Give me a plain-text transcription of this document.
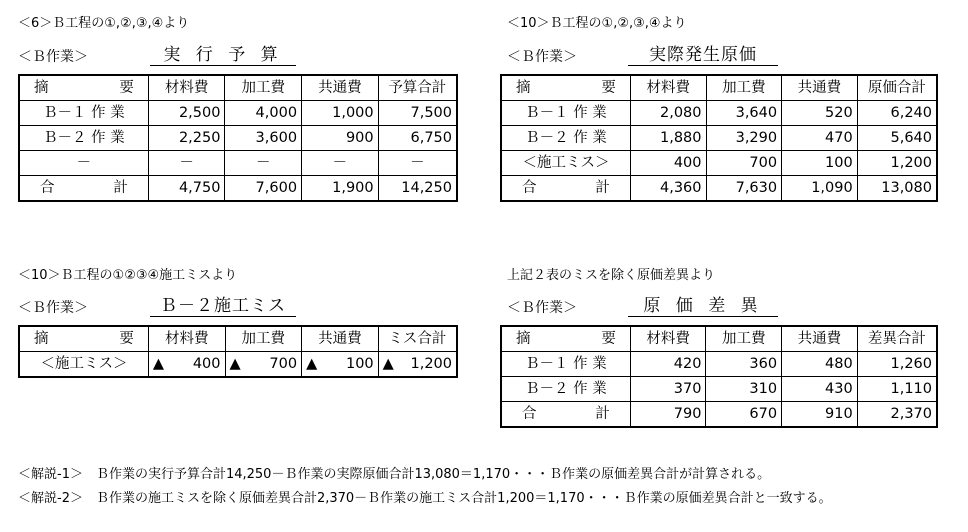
＜6＞Ｂ工程の①,②,③,④より
＜Ｂ作業＞	実 行 予 算
摘 要	材料費	加工費	共通費	予算合計
Ｂ－１ 作 業	2,500	4,000	1,000	7,500
Ｂ－２ 作 業	2,250	3,600	900	6,750
－	－	－	－	－

合 計	4,750	7,600	1,900	14,250
＜10＞Ｂ工程の①,②,③,④より
＜Ｂ作業＞	実際発生原価
摘 要	材料費	加工費	共通費	原価合計
Ｂ－１ 作 業	2,080	3,640	520	6,240
Ｂ－２ 作 業	1,880	3,290	470	5,640
＜施工ミス＞	400	700	100	1,200

合 計	4,360	7,630	1,090	13,080
＜10＞Ｂ工程の①②③④施工ミスより
＜Ｂ作業＞	Ｂ－２施工ミス
摘 要	材料費	加工費	共通費	ミス合計
＜施工ミス＞	▲ 400	▲ 700	▲ 100	▲ 1,200
上記２表のミスを除く原価差異より
＜Ｂ作業＞	原 価 差 異
摘 要	材料費	加工費	共通費	差異合計
Ｂ－１ 作 業	420	360	480	1,260
Ｂ－２ 作 業	370	310	430	1,110

合 計	790	670	910	2,370
＜解説-1＞　Ｂ作業の実行予算合計14,250－Ｂ作業の実際原価合計13,080＝1,170・・・Ｂ作業の原価差異合計が計算される。
＜解説-2＞　Ｂ作業の施工ミスを除く原価差異合計2,370－Ｂ作業の施工ミス合計1,200＝1,170・・・Ｂ作業の原価差異合計と一致する。
